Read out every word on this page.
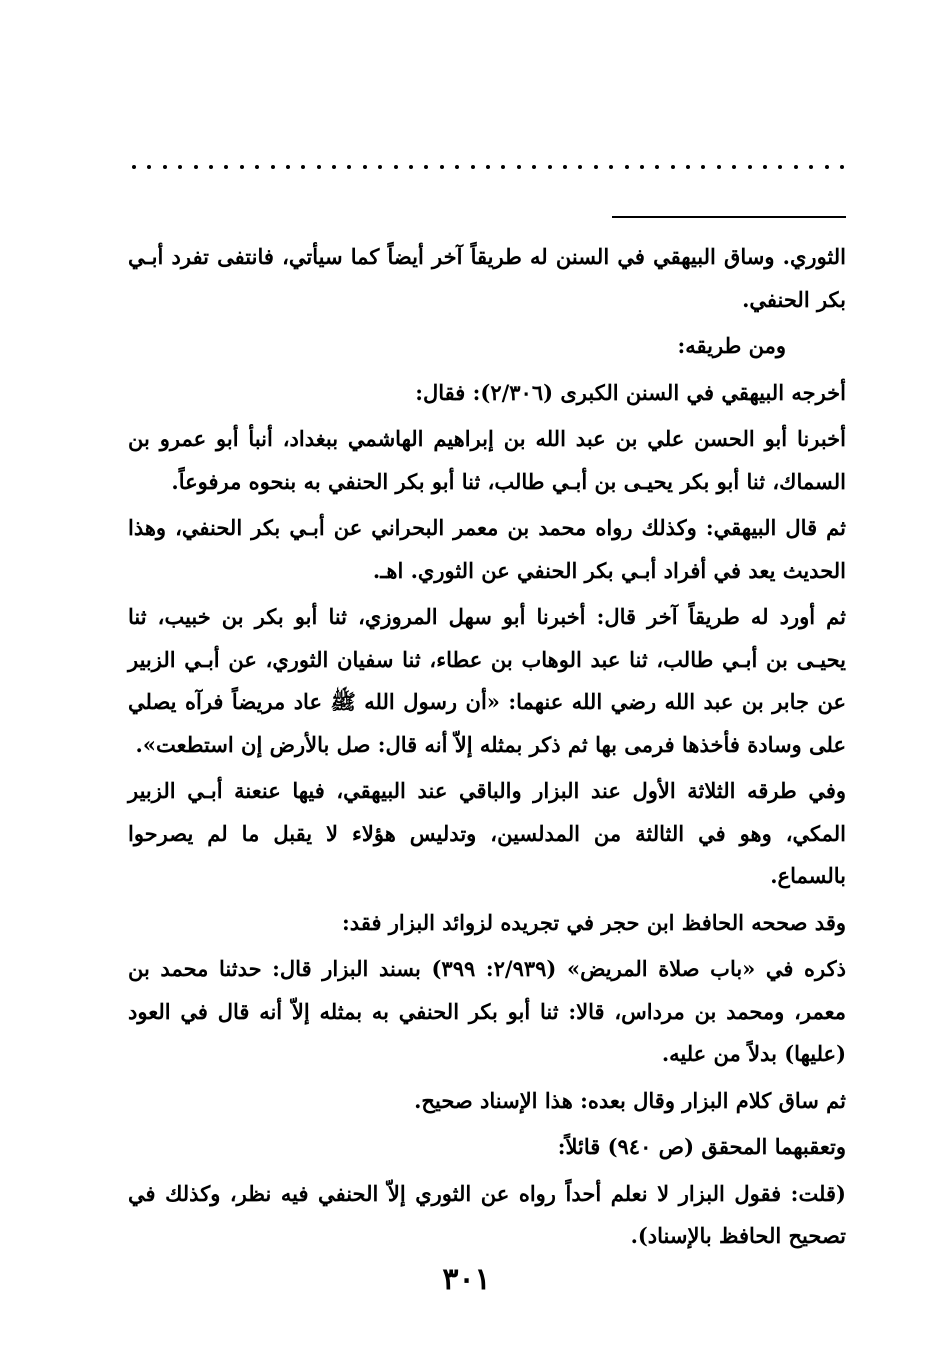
الثوري. وساق البيهقي في السنن له طريقاً آخر أيضاً كما سيأتي، فانتفى تفرد أبـي بكر الحنفي.

ومن طريقه:

أخرجه البيهقي في السنن الكبرى (٢/٣٠٦): فقال:

أخبرنا أبو الحسن علي بن عبد الله بن إبراهيم الهاشمي ببغداد، أنبأ أبو عمرو بن السماك، ثنا أبو بكر يحيـى بن أبـي طالب، ثنا أبو بكر الحنفي به بنحوه مرفوعاً.

ثم قال البيهقي: وكذلك رواه محمد بن معمر البحراني عن أبـي بكر الحنفي، وهذا الحديث يعد في أفراد أبـي بكر الحنفي عن الثوري. اهـ.

ثم أورد له طريقاً آخر قال: أخبرنا أبو سهل المروزي، ثنا أبو بكر بن خبيب، ثنا يحيـى بن أبـي طالب، ثنا عبد الوهاب بن عطاء، ثنا سفيان الثوري، عن أبـي الزبير عن جابر بن عبد الله رضي الله عنهما: «أن رسول الله ﷺ عاد مريضاً فرآه يصلي على وسادة فأخذها فرمى بها ثم ذكر بمثله إلاّ أنه قال: صل بالأرض إن استطعت».

وفي طرقه الثلاثة الأول عند البزار والباقي عند البيهقي، فيها عنعنة أبـي الزبير المكي، وهو في الثالثة من المدلسين، وتدليس هؤلاء لا يقبل ما لم يصرحوا بالسماع.

وقد صححه الحافظ ابن حجر في تجريده لزوائد البزار فقد:

ذكره في «باب صلاة المريض» (٢/٩٣٩: ٣٩٩) بسند البزار قال: حدثنا محمد بن معمر، ومحمد بن مرداس، قالا: ثنا أبو بكر الحنفي به بمثله إلاّ أنه قال في العود (عليها) بدلاً من عليه.

ثم ساق كلام البزار وقال بعده: هذا الإسناد صحيح.

وتعقبهما المحقق (ص ٩٤٠) قائلاً:

(قلت: فقول البزار لا نعلم أحداً رواه عن الثوري إلاّ الحنفي فيه نظر، وكذلك في تصحيح الحافظ بالإسناد).

٣٠١
